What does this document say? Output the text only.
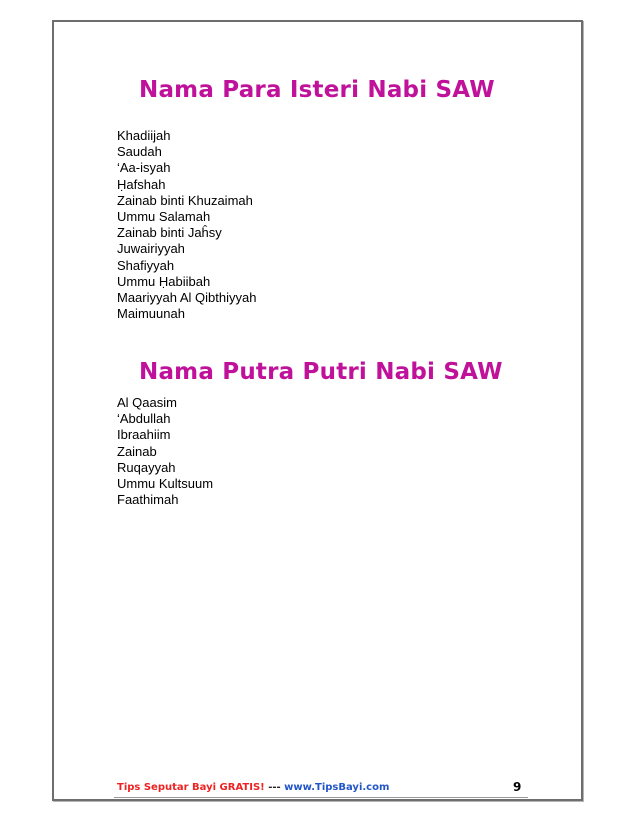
Nama Para Isteri Nabi SAW
Khadiijah
Saudah
‘Aa-isyah
Ḥafshah
Zainab binti Khuzaimah
Ummu Salamah
Zainab binti Jaĥsy
Juwairiyyah
Shafiyyah
Ummu Ḥabiibah
Maariyyah Al Qibthiyyah
Maimuunah
Nama Putra Putri Nabi SAW
Al Qaasim
‘Abdullah
Ibraahiim
Zainab
Ruqayyah
Ummu Kultsuum
Faathimah
Tips Seputar Bayi GRATIS! --- www.TipsBayi.com	9
